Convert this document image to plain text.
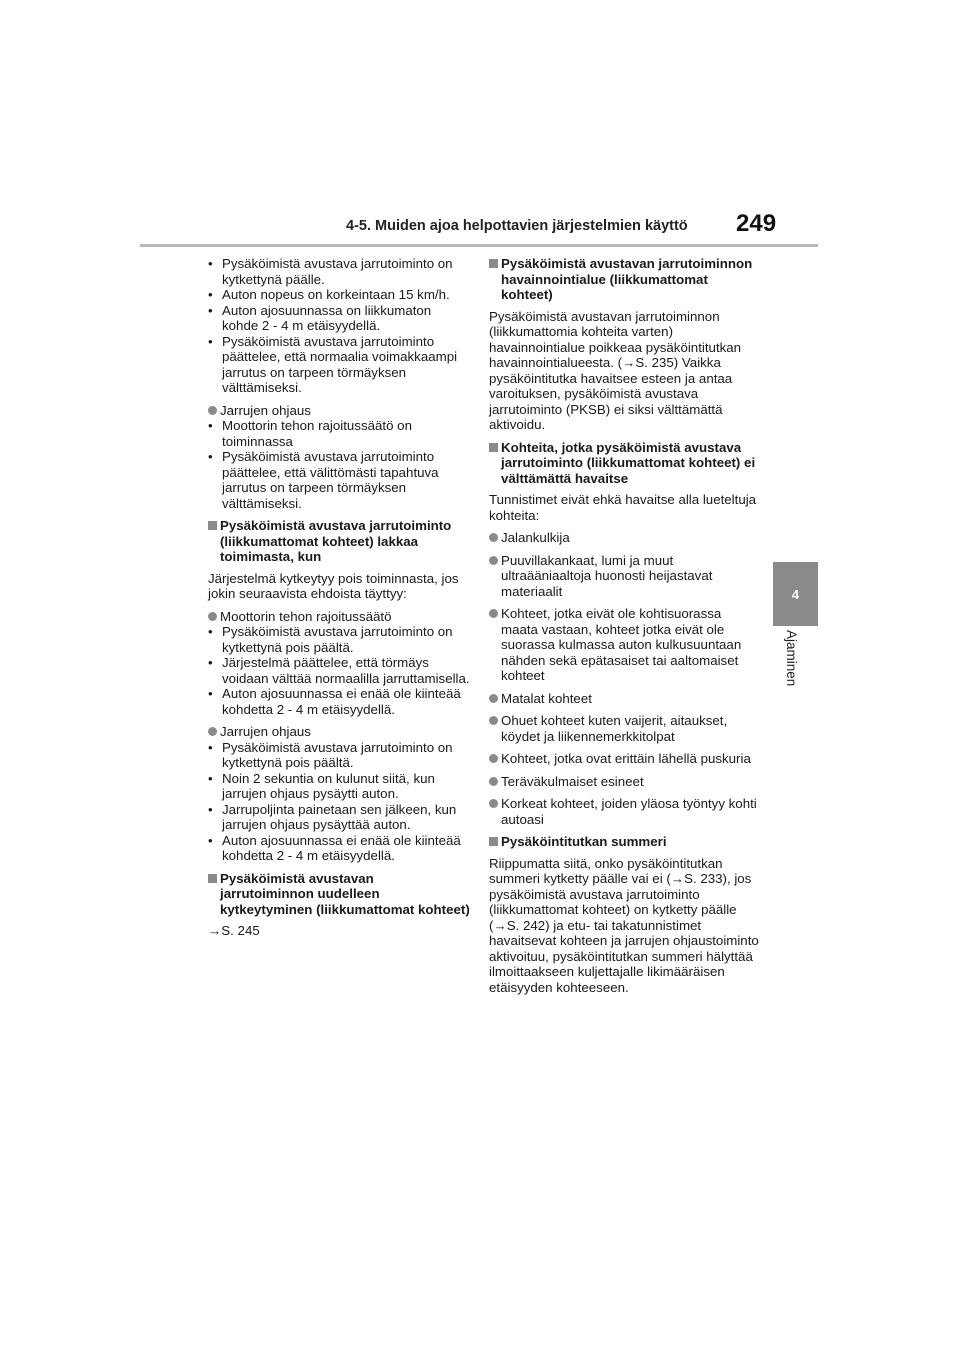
4-5. Muiden ajoa helpottavien järjestelmien käyttö 249
4
Ajaminen
• Pysäköimistä avustava jarrutoiminto on kytkettynä päälle.
• Auton nopeus on korkeintaan 15 km/h.
• Auton ajosuunnassa on liikkumaton kohde 2 - 4 m etäisyydellä.
• Pysäköimistä avustava jarrutoiminto päättelee, että normaalia voimakkaampi jarrutus on tarpeen törmäyksen välttämiseksi.
Jarrujen ohjaus
• Moottorin tehon rajoitussäätö on toiminnassa
• Pysäköimistä avustava jarrutoiminto päättelee, että välittömästi tapahtuva jarrutus on tarpeen törmäyksen välttämiseksi.
Pysäköimistä avustava jarrutoiminto (liikkumattomat kohteet) lakkaa toimimasta, kun
Järjestelmä kytkeytyy pois toiminnasta, jos jokin seuraavista ehdoista täyttyy:
Moottorin tehon rajoitussäätö
• Pysäköimistä avustava jarrutoiminto on kytkettynä pois päältä.
• Järjestelmä päättelee, että törmäys voidaan välttää normaalilla jarruttamisella.
• Auton ajosuunnassa ei enää ole kiinteää kohdetta 2 - 4 m etäisyydellä.
Jarrujen ohjaus
• Pysäköimistä avustava jarrutoiminto on kytkettynä pois päältä.
• Noin 2 sekuntia on kulunut siitä, kun jarrujen ohjaus pysäytti auton.
• Jarrupoljinta painetaan sen jälkeen, kun jarrujen ohjaus pysäyttää auton.
• Auton ajosuunnassa ei enää ole kiinteää kohdetta 2 - 4 m etäisyydellä.
Pysäköimistä avustavan jarrutoiminnon uudelleen kytkeytyminen (liikkumattomat kohteet)
→S. 245
Pysäköimistä avustavan jarrutoiminnon havainnointialue (liikkumattomat kohteet)
Pysäköimistä avustavan jarrutoiminnon (liikkumattomia kohteita varten) havainnointialue poikkeaa pysäköintitutkan havainnointialueesta. (→S. 235) Vaikka pysäköintitutka havaitsee esteen ja antaa varoituksen, pysäköimistä avustava jarrutoiminto (PKSB) ei siksi välttämättä aktivoidu.
Kohteita, jotka pysäköimistä avustava jarrutoiminto (liikkumattomat kohteet) ei välttämättä havaitse
Tunnistimet eivät ehkä havaitse alla lueteltuja kohteita:
Jalankulkija
Puuvillakankaat, lumi ja muut ultraääniaaltoja huonosti heijastavat materiaalit
Kohteet, jotka eivät ole kohtisuorassa maata vastaan, kohteet jotka eivät ole suorassa kulmassa auton kulkusuuntaan nähden sekä epätasaiset tai aaltomaiset kohteet
Matalat kohteet
Ohuet kohteet kuten vaijerit, aitaukset, köydet ja liikennemerkkitolpat
Kohteet, jotka ovat erittäin lähellä puskuria
Teräväkulmaiset esineet
Korkeat kohteet, joiden yläosa työntyy kohti autoasi
Pysäköintitutkan summeri
Riippumatta siitä, onko pysäköintitutkan summeri kytketty päälle vai ei (→S. 233), jos pysäköimistä avustava jarrutoiminto (liikkumattomat kohteet) on kytketty päälle (→S. 242) ja etu- tai takatunnistimet havaitsevat kohteen ja jarrujen ohjaustoiminto aktivoituu, pysäköintitutkan summeri hälyttää ilmoittaakseen kuljettajalle likimääräisen etäisyyden kohteeseen.
